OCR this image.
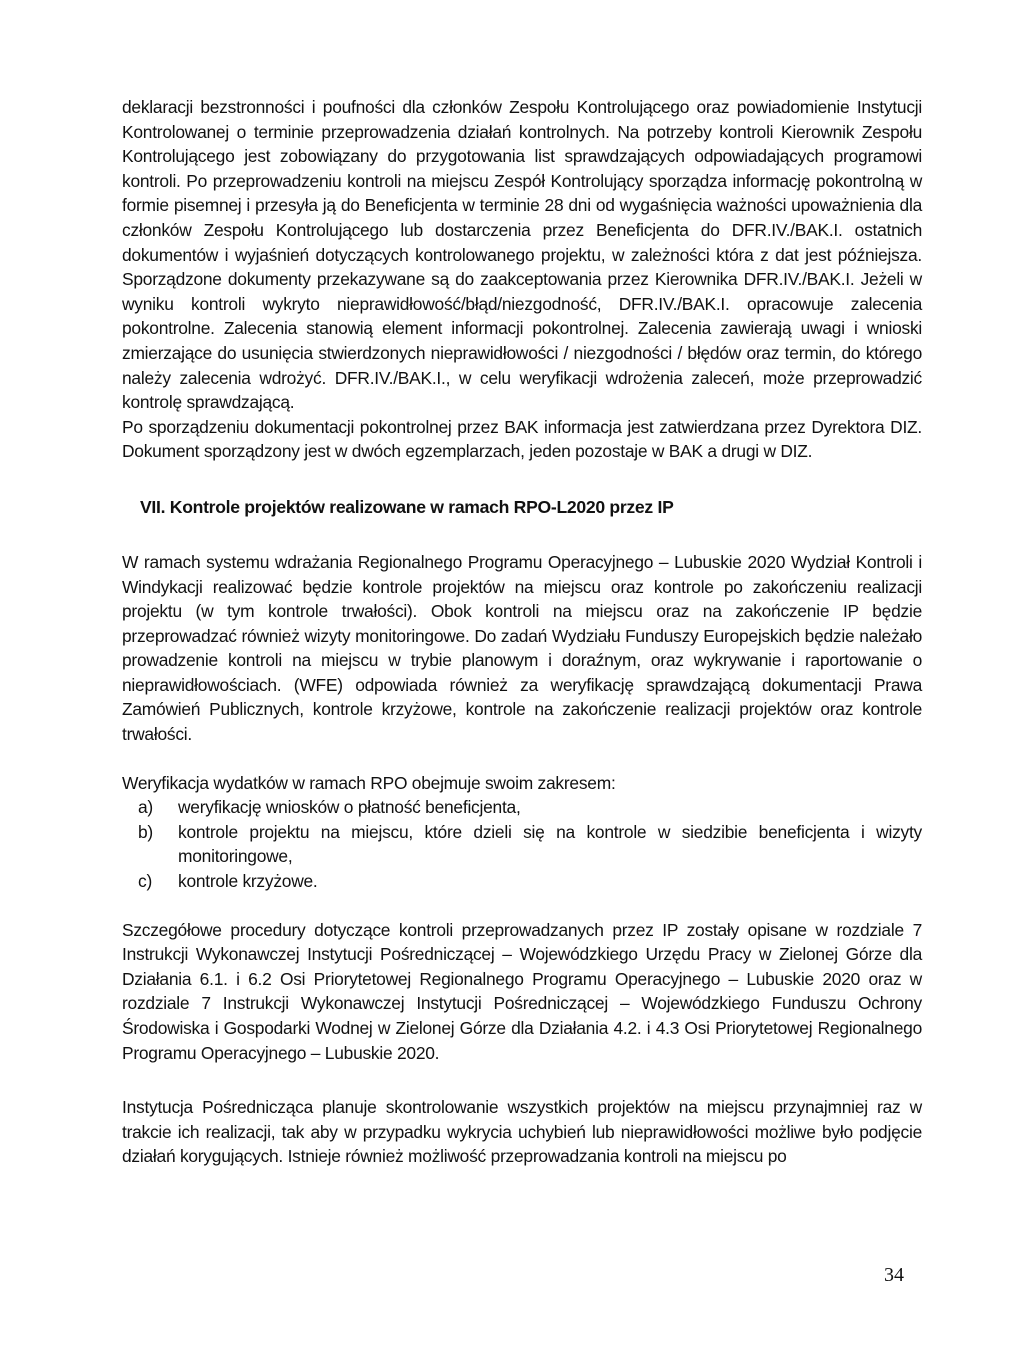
deklaracji bezstronności i poufności dla członków Zespołu Kontrolującego oraz powiadomienie Instytucji Kontrolowanej o terminie przeprowadzenia działań kontrolnych. Na potrzeby kontroli Kierownik Zespołu Kontrolującego jest zobowiązany do przygotowania list sprawdzających odpowiadających programowi kontroli. Po przeprowadzeniu kontroli na miejscu Zespół Kontrolujący sporządza informację pokontrolną w formie pisemnej i przesyła ją do Beneficjenta w terminie 28 dni od wygaśnięcia ważności upoważnienia dla członków Zespołu Kontrolującego lub dostarczenia przez Beneficjenta do DFR.IV./BAK.I. ostatnich dokumentów i wyjaśnień dotyczących kontrolowanego projektu, w zależności która z dat jest późniejsza. Sporządzone dokumenty przekazywane są do zaakceptowania przez Kierownika DFR.IV./BAK.I. Jeżeli w wyniku kontroli wykryto nieprawidłowość/błąd/niezgodność, DFR.IV./BAK.I. opracowuje zalecenia pokontrolne. Zalecenia stanowią element informacji pokontrolnej. Zalecenia zawierają uwagi i wnioski zmierzające do usunięcia stwierdzonych nieprawidłowości / niezgodności / błędów oraz termin, do którego należy zalecenia wdrożyć. DFR.IV./BAK.I., w celu weryfikacji wdrożenia zaleceń, może przeprowadzić kontrolę sprawdzającą.

Po sporządzeniu dokumentacji pokontrolnej przez BAK informacja jest zatwierdzana przez Dyrektora DIZ. Dokument sporządzony jest w dwóch egzemplarzach, jeden pozostaje w BAK a drugi w DIZ.

VII. Kontrole projektów realizowane w ramach RPO-L2020 przez IP

W ramach systemu wdrażania Regionalnego Programu Operacyjnego – Lubuskie 2020 Wydział Kontroli i Windykacji realizować będzie kontrole projektów na miejscu oraz kontrole po zakończeniu realizacji projektu (w tym kontrole trwałości). Obok kontroli na miejscu oraz na zakończenie IP będzie przeprowadzać również wizyty monitoringowe. Do zadań Wydziału Funduszy Europejskich będzie należało prowadzenie kontroli na miejscu w trybie planowym i doraźnym, oraz wykrywanie i raportowanie o nieprawidłowościach. (WFE) odpowiada również za weryfikację sprawdzającą dokumentacji Prawa Zamówień Publicznych, kontrole krzyżowe, kontrole na zakończenie realizacji projektów oraz kontrole trwałości.

Weryfikacja wydatków w ramach RPO obejmuje swoim zakresem:

a)	weryfikację wniosków o płatność beneficjenta,
b)	kontrole projektu na miejscu, które dzieli się na kontrole w siedzibie beneficjenta i wizyty monitoringowe,
c)	kontrole krzyżowe.

Szczegółowe procedury dotyczące kontroli przeprowadzanych przez IP zostały opisane w rozdziale 7 Instrukcji Wykonawczej Instytucji Pośredniczącej – Wojewódzkiego Urzędu Pracy w Zielonej Górze dla Działania 6.1. i 6.2 Osi Priorytetowej Regionalnego Programu Operacyjnego – Lubuskie 2020 oraz w rozdziale 7 Instrukcji Wykonawczej Instytucji Pośredniczącej – Wojewódzkiego Funduszu Ochrony Środowiska i Gospodarki Wodnej w Zielonej Górze dla Działania 4.2. i 4.3 Osi Priorytetowej Regionalnego Programu Operacyjnego – Lubuskie 2020.

Instytucja Pośrednicząca planuje skontrolowanie wszystkich projektów na miejscu przynajmniej raz w trakcie ich realizacji, tak aby w przypadku wykrycia uchybień lub nieprawidłowości możliwe było podjęcie działań korygujących. Istnieje również możliwość przeprowadzania kontroli na miejscu po

34
